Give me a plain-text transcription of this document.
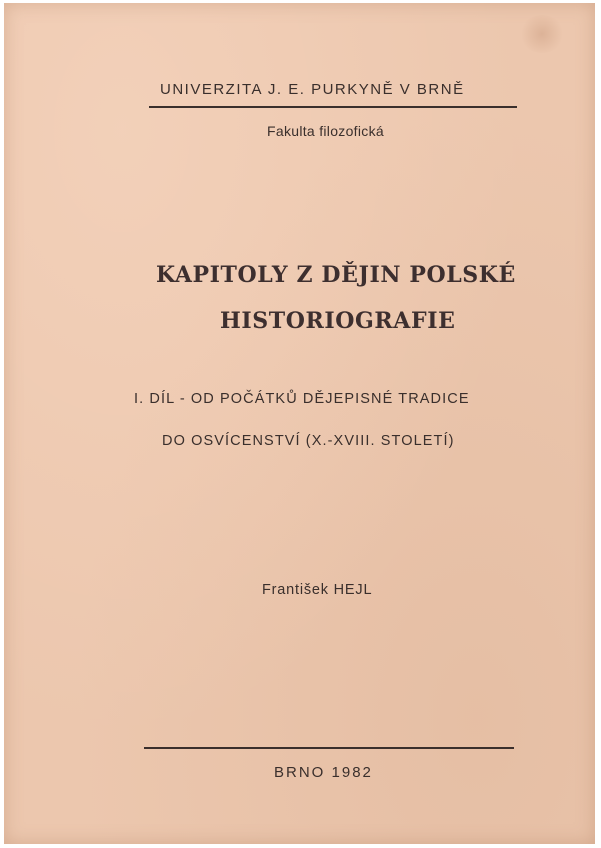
UNIVERZITA J. E. PURKYNĚ V BRNĚ
Fakulta filozofická
KAPITOLY Z DĚJIN POLSKÉ
HISTORIOGRAFIE
I. DÍL - OD POČÁTKŮ DĚJEPISNÉ TRADICE
DO OSVÍCENSTVÍ (X.-XVIII. STOLETÍ)
František HEJL
BRNO 1982
